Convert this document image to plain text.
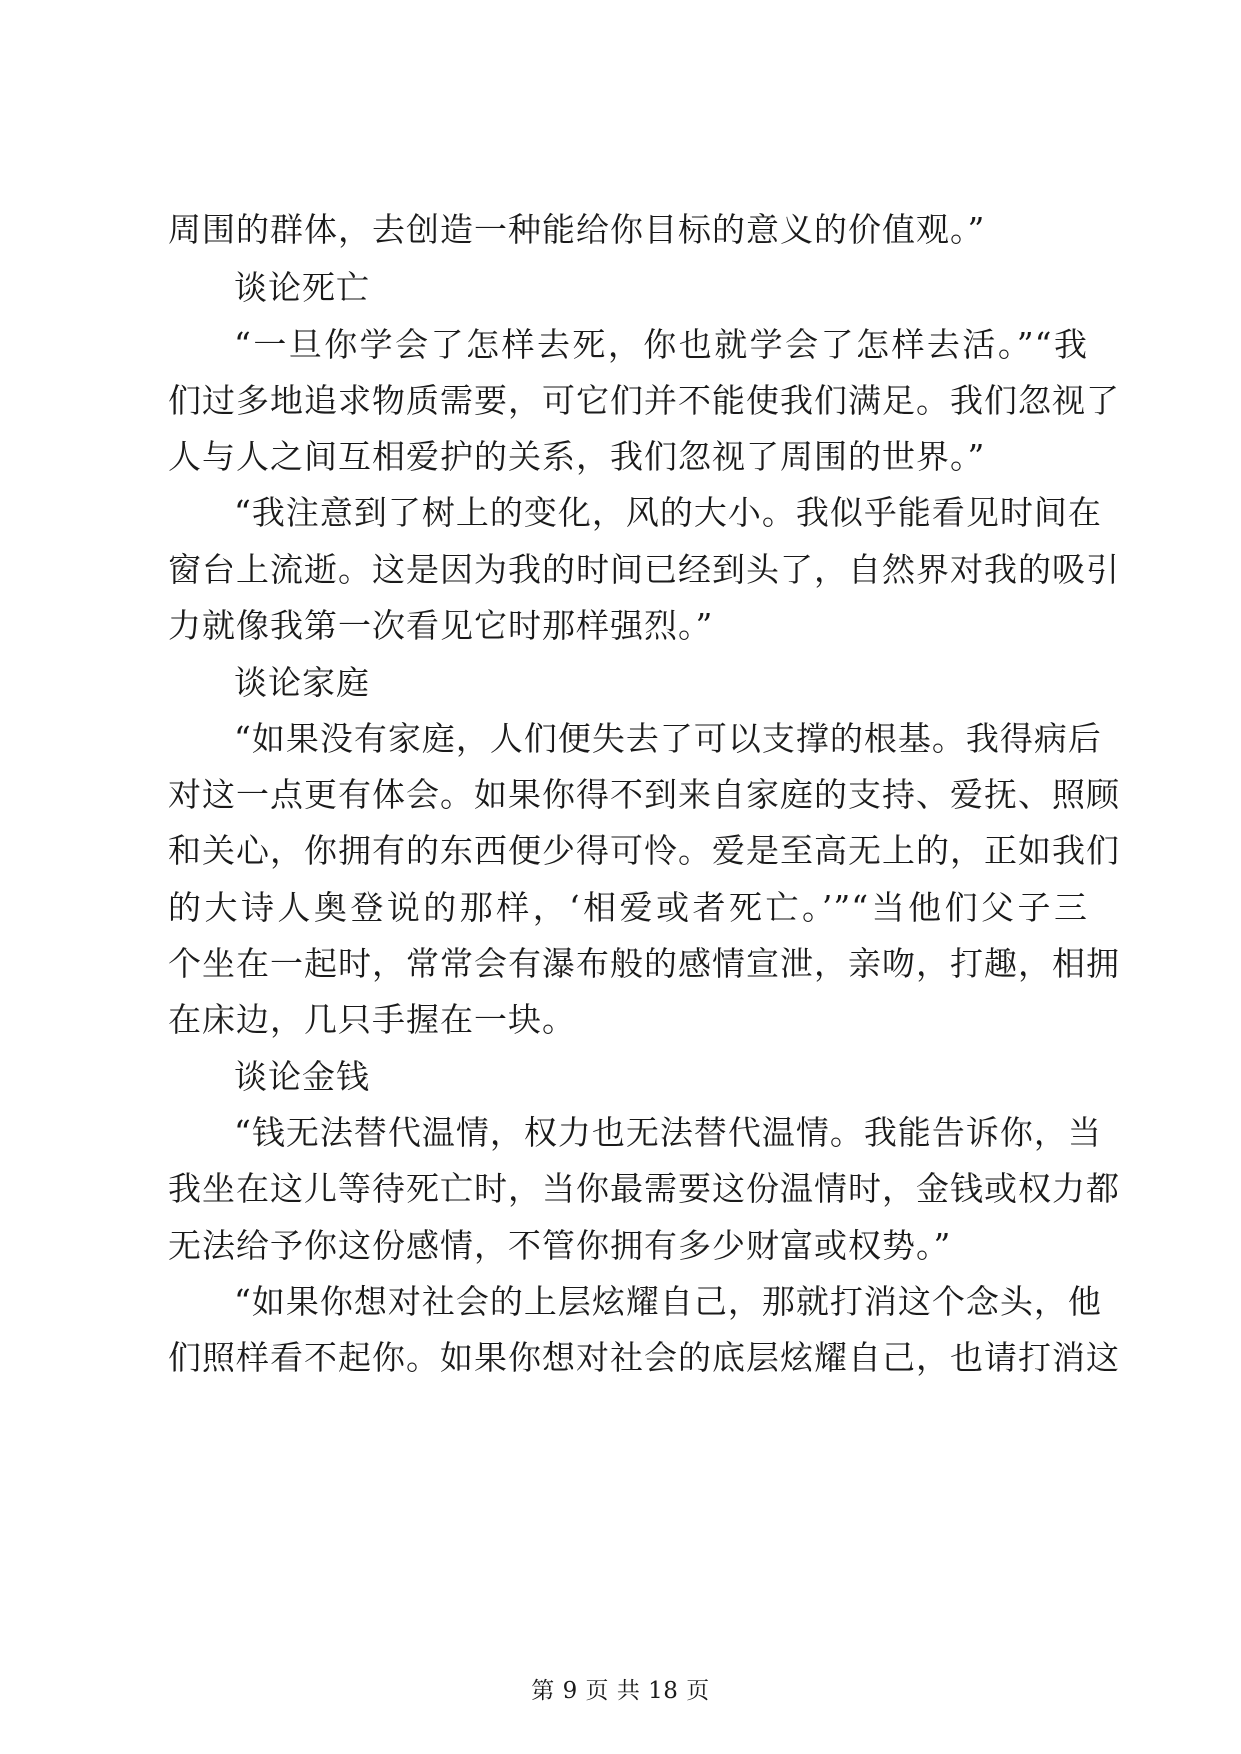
周围的群体，去创造一种能给你目标的意义的价值观。”
谈论死亡
“一旦你学会了怎样去死，你也就学会了怎样去活。”“我
们过多地追求物质需要，可它们并不能使我们满足。我们忽视了
人与人之间互相爱护的关系，我们忽视了周围的世界。”
“我注意到了树上的变化，风的大小。我似乎能看见时间在
窗台上流逝。这是因为我的时间已经到头了，自然界对我的吸引
力就像我第一次看见它时那样强烈。”
谈论家庭
“如果没有家庭，人们便失去了可以支撑的根基。我得病后
对这一点更有体会。如果你得不到来自家庭的支持、爱抚、照顾
和关心，你拥有的东西便少得可怜。爱是至高无上的，正如我们
的大诗人奥登说的那样，‘相爱或者死亡。’”“当他们父子三
个坐在一起时，常常会有瀑布般的感情宣泄，亲吻，打趣，相拥
在床边，几只手握在一块。
谈论金钱
“钱无法替代温情，权力也无法替代温情。我能告诉你，当
我坐在这儿等待死亡时，当你最需要这份温情时，金钱或权力都
无法给予你这份感情，不管你拥有多少财富或权势。”
“如果你想对社会的上层炫耀自己，那就打消这个念头，他
们照样看不起你。如果你想对社会的底层炫耀自己，也请打消这
第 9 页 共 18 页
